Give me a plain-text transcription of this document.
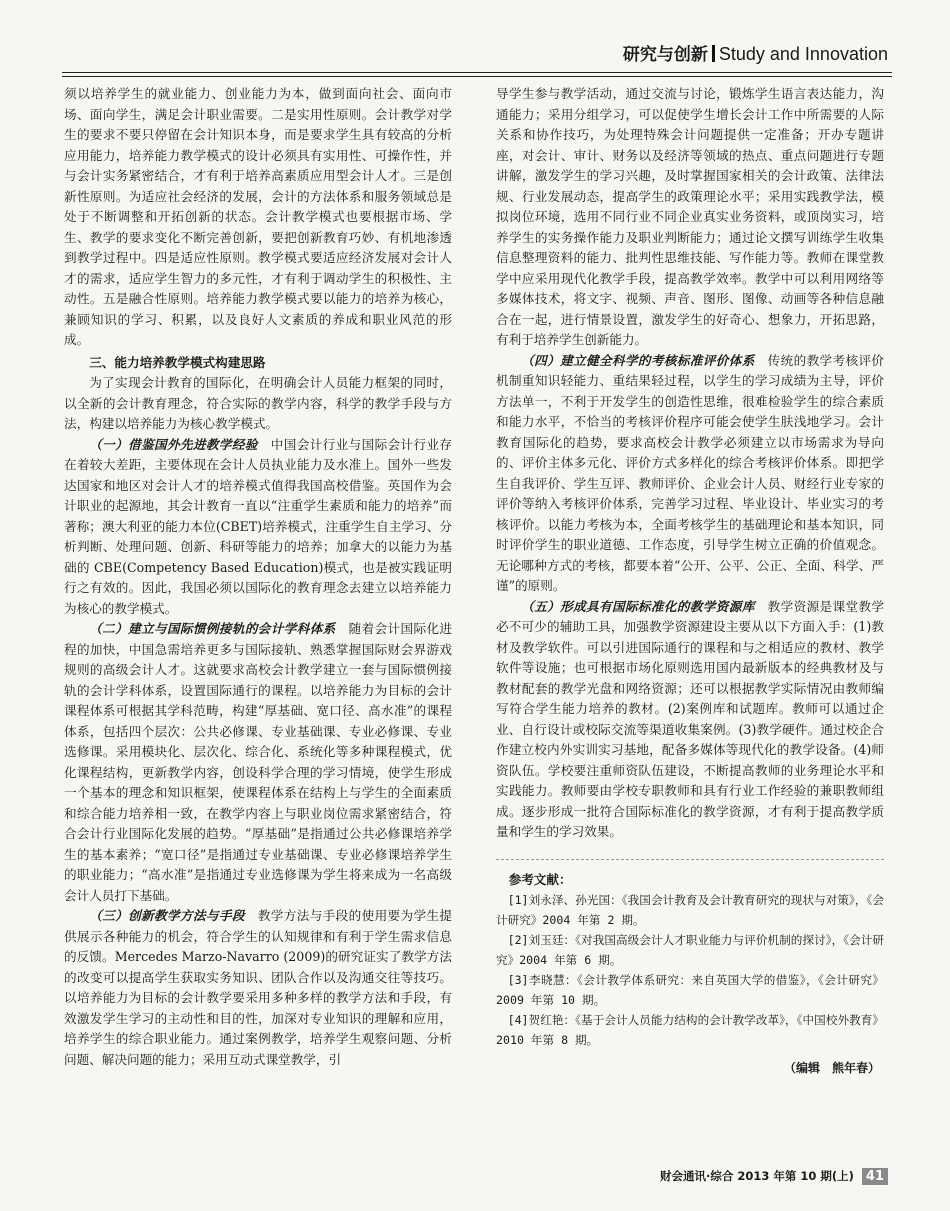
研究与创新 Study and Innovation

须以培养学生的就业能力、创业能力为本，做到面向社会、面向市场、面向学生，满足会计职业需要。二是实用性原则。会计教学对学生的要求不要只停留在会计知识本身，而是要求学生具有较高的分析应用能力，培养能力教学模式的设计必须具有实用性、可操作性，并与会计实务紧密结合，才有利于培养高素质应用型会计人才。三是创新性原则。为适应社会经济的发展，会计的方法体系和服务领域总是处于不断调整和开拓创新的状态。会计教学模式也要根据市场、学生、教学的要求变化不断完善创新，要把创新教育巧妙、有机地渗透到教学过程中。四是适应性原则。教学模式要适应经济发展对会计人才的需求，适应学生智力的多元性，才有利于调动学生的积极性、主动性。五是融合性原则。培养能力教学模式要以能力的培养为核心，兼顾知识的学习、积累，以及良好人文素质的养成和职业风范的形成。

三、能力培养教学模式构建思路

为了实现会计教育的国际化，在明确会计人员能力框架的同时，以全新的会计教育理念，符合实际的教学内容，科学的教学手段与方法，构建以培养能力为核心教学模式。

（一）借鉴国外先进教学经验　 中国会计行业与国际会计行业存在着较大差距，主要体现在会计人员执业能力及水准上。国外一些发达国家和地区对会计人才的培养模式值得我国高校借鉴。英国作为会计职业的起源地，其会计教育一直以“注重学生素质和能力的培养”而著称；澳大利亚的能力本位(CBET)培养模式，注重学生自主学习、分析判断、处理问题、创新、科研等能力的培养；加拿大的以能力为基础的 CBE(Competency Based Education)模式，也是被实践证明行之有效的。因此，我国必须以国际化的教育理念去建立以培养能力为核心的教学模式。

（二）建立与国际惯例接轨的会计学科体系　 随着会计国际化进程的加快，中国急需培养更多与国际接轨、熟悉掌握国际财会界游戏规则的高级会计人才。这就要求高校会计教学建立一套与国际惯例接轨的会计学科体系，设置国际通行的课程。以培养能力为目标的会计课程体系可根据其学科范畴，构建“厚基础、宽口径、高水准”的课程体系，包括四个层次：公共必修课、专业基础课、专业必修课、专业选修课。采用模块化、层次化、综合化、系统化等多种课程模式，优化课程结构，更新教学内容，创设科学合理的学习情境，使学生形成一个基本的理念和知识框架，使课程体系在结构上与学生的全面素质和综合能力培养相一致，在教学内容上与职业岗位需求紧密结合，符合会计行业国际化发展的趋势。“厚基础”是指通过公共必修课培养学生的基本素养；“宽口径”是指通过专业基础课、专业必修课培养学生的职业能力；“高水准”是指通过专业选修课为学生将来成为一名高级会计人员打下基础。

（三）创新教学方法与手段　 教学方法与手段的使用要为学生提供展示各种能力的机会，符合学生的认知规律和有利于学生需求信息的反馈。Mercedes Marzo-Navarro (2009)的研究证实了教学方法的改变可以提高学生获取实务知识、团队合作以及沟通交往等技巧。以培养能力为目标的会计教学要采用多种多样的教学方法和手段，有效激发学生学习的主动性和目的性，加深对专业知识的理解和应用，培养学生的综合职业能力。通过案例教学，培养学生观察问题、分析问题、解决问题的能力；采用互动式课堂教学，引

导学生参与教学活动，通过交流与讨论，锻炼学生语言表达能力，沟通能力；采用分组学习，可以促使学生增长会计工作中所需要的人际关系和协作技巧，为处理特殊会计问题提供一定准备；开办专题讲座，对会计、审计、财务以及经济等领域的热点、重点问题进行专题讲解，激发学生的学习兴趣，及时掌握国家相关的会计政策、法律法规、行业发展动态，提高学生的政策理论水平；采用实践教学法，模拟岗位环境，选用不同行业不同企业真实业务资料，或顶岗实习，培养学生的实务操作能力及职业判断能力；通过论文撰写训练学生收集信息整理资料的能力、批判性思维技能、写作能力等。教师在课堂教学中应采用现代化教学手段，提高教学效率。教学中可以利用网络等多媒体技术，将文字、视频、声音、图形、图像、动画等各种信息融合在一起，进行情景设置，激发学生的好奇心、想象力，开拓思路，有利于培养学生创新能力。

（四）建立健全科学的考核标准评价体系　 传统的教学考核评价机制重知识轻能力、重结果轻过程，以学生的学习成绩为主导，评价方法单一，不利于开发学生的创造性思维，很难检验学生的综合素质和能力水平，不恰当的考核评价程序可能会使学生肤浅地学习。会计教育国际化的趋势，要求高校会计教学必须建立以市场需求为导向的、评价主体多元化、评价方式多样化的综合考核评价体系。即把学生自我评价、学生互评、教师评价、企业会计人员、财经行业专家的评价等纳入考核评价体系，完善学习过程、毕业设计、毕业实习的考核评价。以能力考核为本，全面考核学生的基础理论和基本知识，同时评价学生的职业道德、工作态度，引导学生树立正确的价值观念。无论哪种方式的考核，都要本着“公开、公平、公正、全面、科学、严谨”的原则。

（五）形成具有国际标准化的教学资源库　 教学资源是课堂教学必不可少的辅助工具，加强教学资源建设主要从以下方面入手：(1)教材及教学软件。可以引进国际通行的课程和与之相适应的教材、教学软件等设施；也可根据市场化原则选用国内最新版本的经典教材及与教材配套的教学光盘和网络资源；还可以根据教学实际情况由教师编写符合学生能力培养的教材。(2)案例库和试题库。教师可以通过企业、自行设计或校际交流等渠道收集案例。(3)教学硬件。通过校企合作建立校内外实训实习基地，配备多媒体等现代化的教学设备。(4)师资队伍。学校要注重师资队伍建设，不断提高教师的业务理论水平和实践能力。教师要由学校专职教师和具有行业工作经验的兼职教师组成。逐步形成一批符合国际标准化的教学资源，才有利于提高教学质量和学生的学习效果。

参考文献：

[1]刘永泽、孙光国：《我国会计教育及会计教育研究的现状与对策》，《会计研究》2004 年第 2 期。

[2]刘玉廷：《对我国高级会计人才职业能力与评价机制的探讨》，《会计研究》2004 年第 6 期。

[3]李晓慧：《会计教学体系研究：来自英国大学的借鉴》，《会计研究》2009 年第 10 期。

[4]贺红艳：《基于会计人员能力结构的会计教学改革》，《中国校外教育》2010 年第 8 期。

（编辑　熊年春）
财会通讯·综合 2013 年第 10 期(上) 41
